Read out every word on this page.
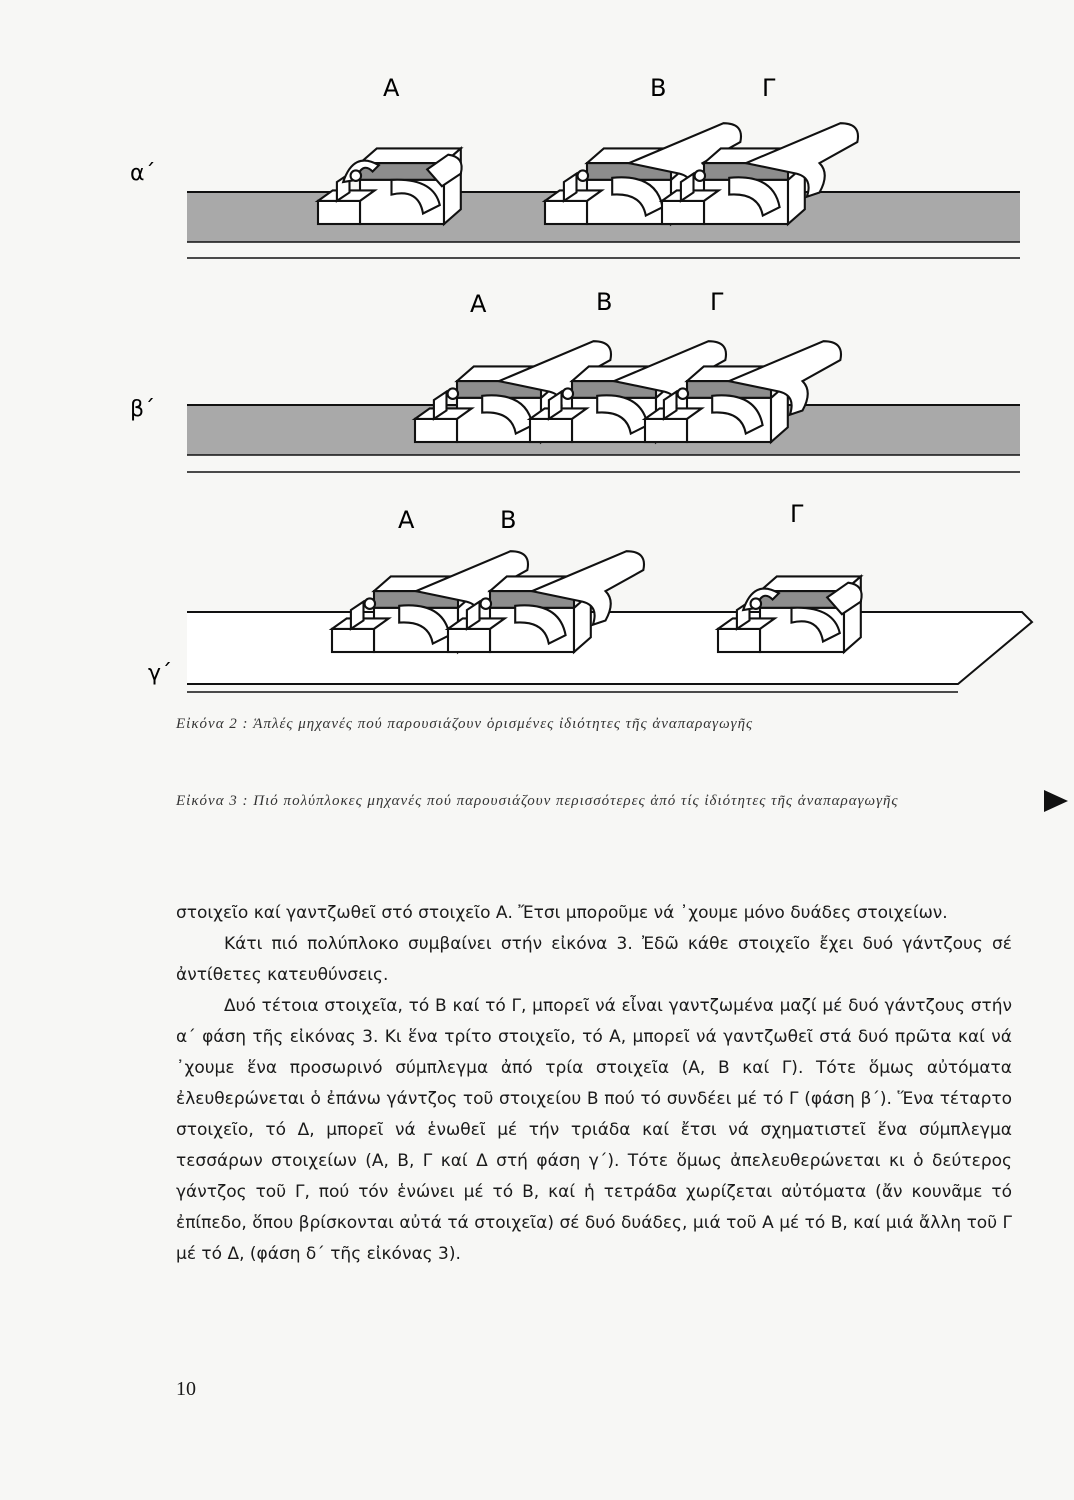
α΄
A	B	Γ
β΄
A	B	Γ
γ΄
A	B	Γ
Εἰκόνα 2 : Ἁπλές μηχανές πού παρουσιάζουν ὁρισμένες ἰδιότητες τῆς ἀναπαραγωγῆς
Εἰκόνα 3 : Πιό πολύπλοκες μηχανές πού παρουσιάζουν περισσότερες ἀπό τίς ἰδιότητες τῆς ἀναπαραγωγῆς

στοιχεῖο καί γαντζωθεῖ στό στοιχεῖο Α. Ἔτσι μποροῦμε νά ᾽χουμε μόνο δυάδες στοιχείων.

Κάτι πιό πολύπλοκο συμβαίνει στήν εἰκόνα 3. Ἐδῶ κάθε στοιχεῖο ἔχει δυό γάντζους σέ ἀντίθετες κατευθύνσεις.

Δυό τέτοια στοιχεῖα, τό Β καί τό Γ, μπορεῖ νά εἶναι γαντζωμένα μαζί μέ δυό γάντζους στήν α΄ φάση τῆς εἰκόνας 3. Κι ἕνα τρίτο στοιχεῖο, τό Α, μπορεῖ νά γαντζωθεῖ στά δυό πρῶτα καί νά ᾽χουμε ἕνα προσωρινό σύμπλεγμα ἀπό τρία στοιχεῖα (Α, Β καί Γ). Τότε ὅμως αὐτόματα ἐλευθερώνεται ὁ ἐπάνω γάντζος τοῦ στοιχείου Β πού τό συνδέει μέ τό Γ (φάση β΄). Ἕνα τέταρτο στοιχεῖο, τό Δ, μπορεῖ νά ἑνωθεῖ μέ τήν τριάδα καί ἔτσι νά σχηματιστεῖ ἕνα σύμπλεγμα τεσσάρων στοιχείων (Α, Β, Γ καί Δ στή φάση γ΄). Τότε ὅμως ἀπελευθερώνεται κι ὁ δεύτερος γάντζος τοῦ Γ, πού τόν ἑνώνει μέ τό Β, καί ἡ τετράδα χωρίζεται αὐτόματα (ἄν κουνᾶμε τό ἐπίπεδο, ὅπου βρίσκονται αὐτά τά στοιχεῖα) σέ δυό δυάδες, μιά τοῦ Α μέ τό Β, καί μιά ἄλλη τοῦ Γ μέ τό Δ, (φάση δ΄ τῆς εἰκόνας 3).

10
